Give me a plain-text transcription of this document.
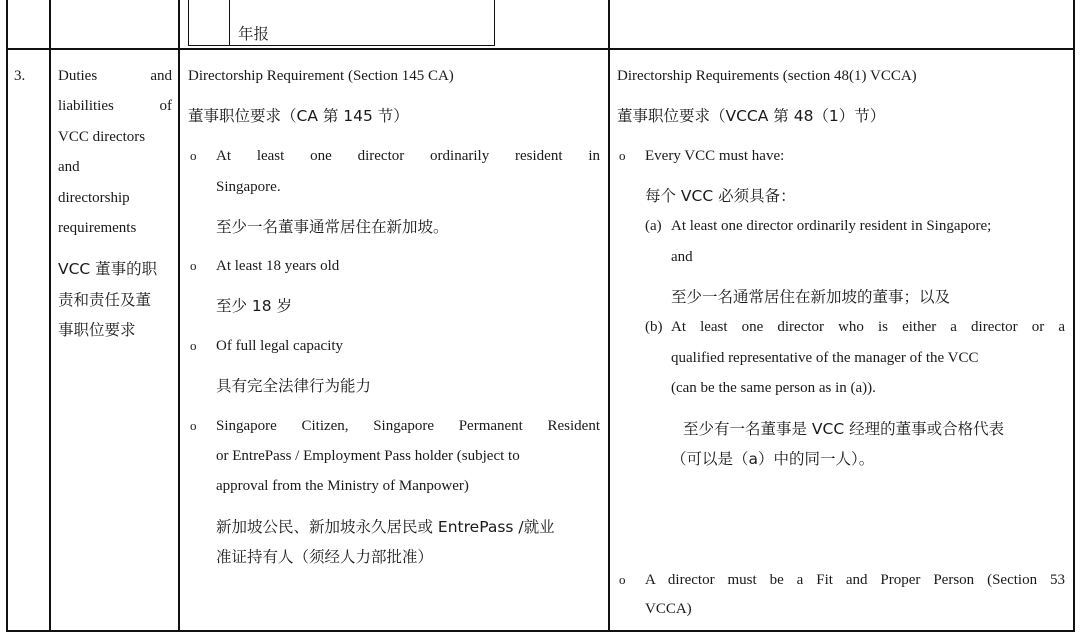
年报
3. Duties and
liabilities of
VCC directors
and
directorship
requirements
VCC 董事的职
责和责任及董
事职位要求
Directorship Requirement (Section 145 CA)
董事职位要求（CA 第 145 节）
o At least one director ordinarily resident in
Singapore.
至少一名董事通常居住在新加坡。
o At least 18 years old
至少 18 岁
o Of full legal capacity
具有完全法律行为能力
o Singapore Citizen, Singapore Permanent Resident
or EntrePass / Employment Pass holder (subject to
approval from the Ministry of Manpower)
新加坡公民、新加坡永久居民或 EntrePass /就业
准证持有人（须经人力部批准）
Directorship Requirements (section 48(1) VCCA)
董事职位要求（VCCA 第 48（1）节）
o Every VCC must have:
每个 VCC 必须具备：
(a) At least one director ordinarily resident in Singapore;
and
至少一名通常居住在新加坡的董事；以及
(b) At least one director who is either a director or a
qualified representative of the manager of the VCC
(can be the same person as in (a)).
至少有一名董事是 VCC 经理的董事或合格代表
（可以是（a）中的同一人）。
o A director must be a Fit and Proper Person (Section 53
VCCA)
